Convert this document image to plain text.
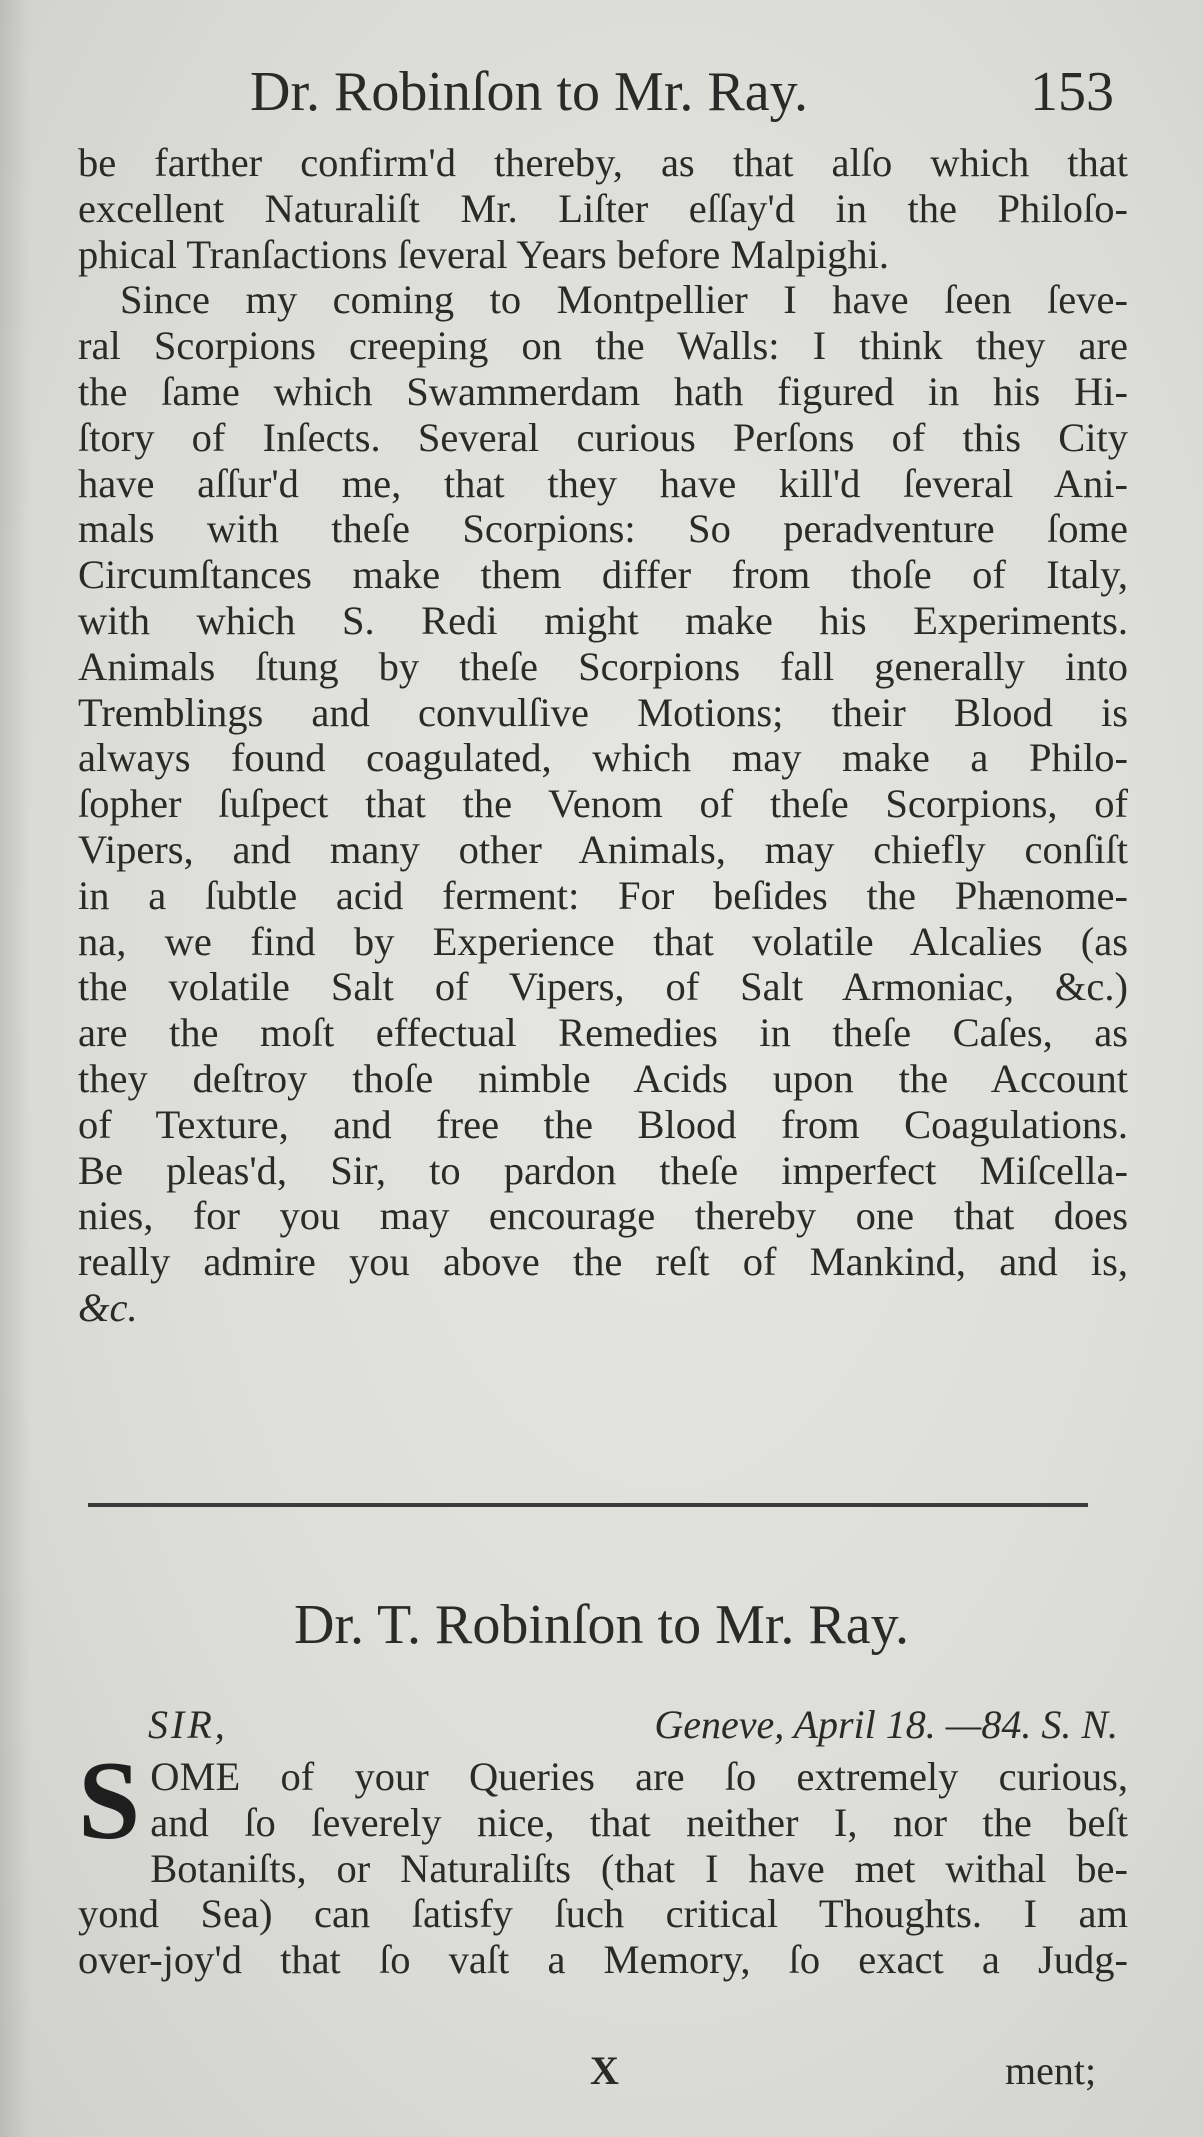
Dr. Robinſon to Mr. Ray.	153
be farther confirm'd thereby, as that alſo which that
excellent Naturaliſt Mr. Liſter eſſay'd in the Philoſo-
phical Tranſactions ſeveral Years before Malpighi.
Since my coming to Montpellier I have ſeen ſeve-
ral Scorpions creeping on the Walls: I think they are
the ſame which Swammerdam hath figured in his Hi-
ſtory of Inſects. Several curious Perſons of this City
have aſſur'd me, that they have kill'd ſeveral Ani-
mals with theſe Scorpions: So peradventure ſome
Circumſtances make them differ from thoſe of Italy,
with which S. Redi might make his Experiments.
Animals ſtung by theſe Scorpions fall generally into
Tremblings and convulſive Motions; their Blood is
always found coagulated, which may make a Philo-
ſopher ſuſpect that the Venom of theſe Scorpions, of
Vipers, and many other Animals, may chiefly conſiſt
in a ſubtle acid ferment: For beſides the Phænome-
na, we find by Experience that volatile Alcalies (as
the volatile Salt of Vipers, of Salt Armoniac, &c.)
are the moſt effectual Remedies in theſe Caſes, as
they deſtroy thoſe nimble Acids upon the Account
of Texture, and free the Blood from Coagulations.
Be pleas'd, Sir, to pardon theſe imperfect Miſcella-
nies, for you may encourage thereby one that does
really admire you above the reſt of Mankind, and is,
&c.
Dr. T. Robinſon to Mr. Ray.
SIR,	Geneve, April 18. —84. S. N.
S OME of your Queries are ſo extremely curious,
and ſo ſeverely nice, that neither I, nor the beſt
Botaniſts, or Naturaliſts (that I have met withal be-
yond Sea) can ſatisfy ſuch critical Thoughts. I am
over-joy'd that ſo vaſt a Memory, ſo exact a Judg-
X	ment;
